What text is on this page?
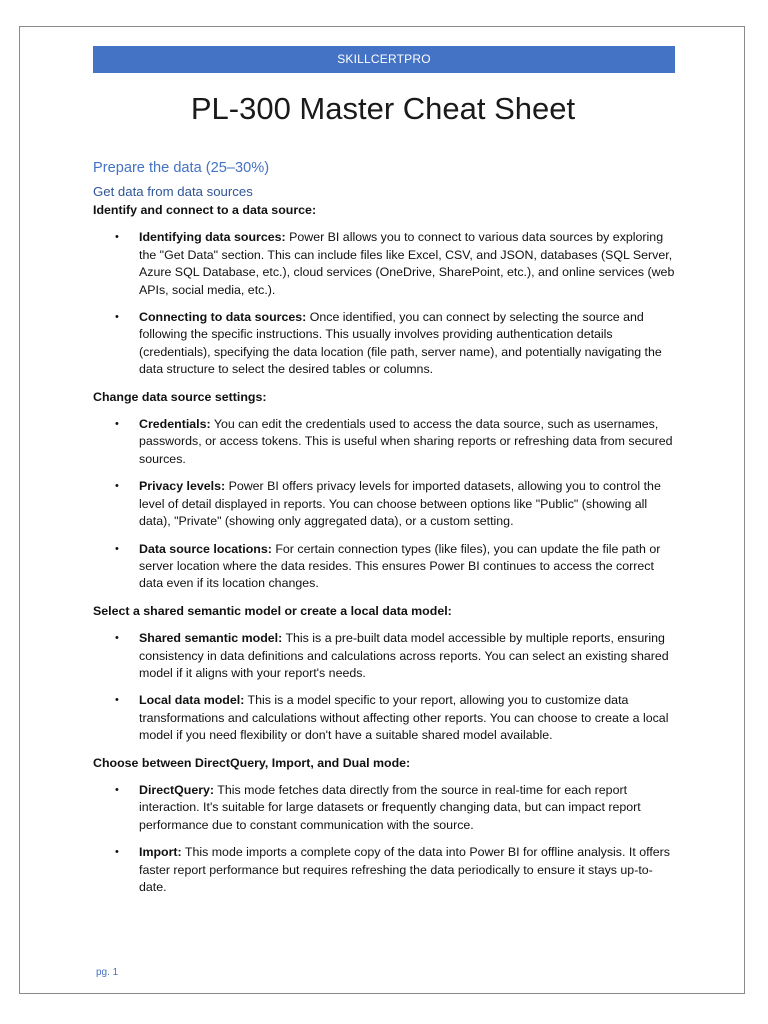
SKILLCERTPRO
PL-300 Master Cheat Sheet
Prepare the data (25–30%)
Get data from data sources
Identify and connect to a data source:
• Identifying data sources: Power BI allows you to connect to various data sources by exploring the "Get Data" section. This can include files like Excel, CSV, and JSON, databases (SQL Server, Azure SQL Database, etc.), cloud services (OneDrive, SharePoint, etc.), and online services (web APIs, social media, etc.).
• Connecting to data sources: Once identified, you can connect by selecting the source and following the specific instructions. This usually involves providing authentication details (credentials), specifying the data location (file path, server name), and potentially navigating the data structure to select the desired tables or columns.
Change data source settings:
• Credentials: You can edit the credentials used to access the data source, such as usernames, passwords, or access tokens. This is useful when sharing reports or refreshing data from secured sources.
• Privacy levels: Power BI offers privacy levels for imported datasets, allowing you to control the level of detail displayed in reports. You can choose between options like "Public" (showing all data), "Private" (showing only aggregated data), or a custom setting.
• Data source locations: For certain connection types (like files), you can update the file path or server location where the data resides. This ensures Power BI continues to access the correct data even if its location changes.
Select a shared semantic model or create a local data model:
• Shared semantic model: This is a pre-built data model accessible by multiple reports, ensuring consistency in data definitions and calculations across reports. You can select an existing shared model if it aligns with your report's needs.
• Local data model: This is a model specific to your report, allowing you to customize data transformations and calculations without affecting other reports. You can choose to create a local model if you need flexibility or don't have a suitable shared model available.
Choose between DirectQuery, Import, and Dual mode:
• DirectQuery: This mode fetches data directly from the source in real-time for each report interaction. It's suitable for large datasets or frequently changing data, but can impact report performance due to constant communication with the source.
• Import: This mode imports a complete copy of the data into Power BI for offline analysis. It offers faster report performance but requires refreshing the data periodically to ensure it stays up-to-date.
pg. 1
